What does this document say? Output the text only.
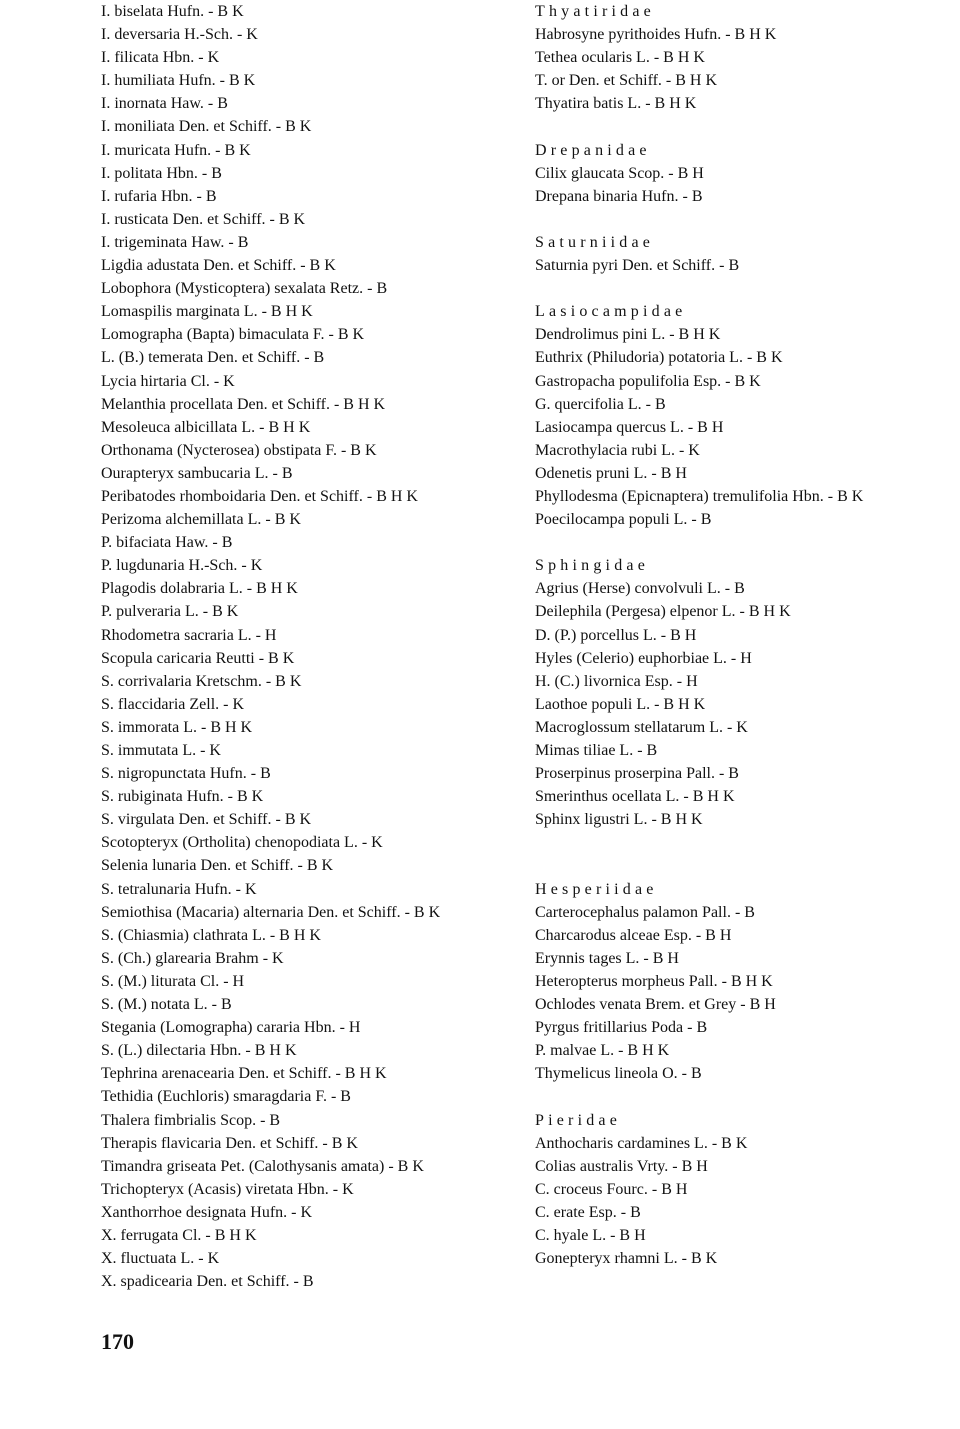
I. biselata Hufn. - B K
I. deversaria H.-Sch. - K
I. filicata Hbn. - K
I. humiliata Hufn. - B K
I. inornata Haw. - B
I. moniliata Den. et Schiff. - B K
I. muricata Hufn. - B K
I. politata Hbn. - B
I. rufaria Hbn. - B
I. rusticata Den. et Schiff. - B K
I. trigeminata Haw. - B
Ligdia adustata Den. et Schiff. - B K
Lobophora (Mysticoptera) sexalata Retz. - B
Lomaspilis marginata L. - B H K
Lomographa (Bapta) bimaculata F. - B K
L. (B.) temerata Den. et Schiff. - B
Lycia hirtaria Cl. - K
Melanthia procellata Den. et Schiff. - B H K
Mesoleuca albicillata L. - B H K
Orthonama (Nycterosea) obstipata F. - B K
Ourapteryx sambucaria L. - B
Peribatodes rhomboidaria Den. et Schiff. - B H K
Perizoma alchemillata L. - B K
P. bifaciata Haw. - B
P. lugdunaria H.-Sch. - K
Plagodis dolabraria L. - B H K
P. pulveraria L. - B K
Rhodometra sacraria L. - H
Scopula caricaria Reutti - B K
S. corrivalaria Kretschm. - B K
S. flaccidaria Zell. - K
S. immorata L. - B H K
S. immutata L. - K
S. nigropunctata Hufn. - B
S. rubiginata Hufn. - B K
S. virgulata Den. et Schiff. - B K
Scotopteryx (Ortholita) chenopodiata L. - K
Selenia lunaria Den. et Schiff. - B K
S. tetralunaria Hufn. - K
Semiothisa (Macaria) alternaria Den. et Schiff. - B K
S. (Chiasmia) clathrata L. - B H K
S. (Ch.) glarearia Brahm - K
S. (M.) liturata Cl. - H
S. (M.) notata L. - B
Stegania (Lomographa) cararia Hbn. - H
S. (L.) dilectaria Hbn. - B H K
Tephrina arenacearia Den. et Schiff. - B H K
Tethidia (Euchloris) smaragdaria F. - B
Thalera fimbrialis Scop. - B
Therapis flavicaria Den. et Schiff. - B K
Timandra griseata Pet. (Calothysanis amata) - B K
Trichopteryx (Acasis) viretata Hbn. - K
Xanthorrhoe designata Hufn. - K
X. ferrugata Cl. - B H K
X. fluctuata L. - K
X. spadicearia Den. et Schiff. - B
Thyatiridae
Habrosyne pyrithoides Hufn. - B H K
Tethea ocularis L. - B H K
T. or Den. et Schiff. - B H K
Thyatira batis L. - B H K
Drepanidae
Cilix glaucata Scop. - B H
Drepana binaria Hufn. - B
Saturniidae
Saturnia pyri Den. et Schiff. - B
Lasiocampidae
Dendrolimus pini L. - B H K
Euthrix (Philudoria) potatoria L. - B K
Gastropacha populifolia Esp. - B K
G. quercifolia L. - B
Lasiocampa quercus L. - B H
Macrothylacia rubi L. - K
Odenetis pruni L. - B H
Phyllodesma (Epicnaptera) tremulifolia Hbn. - B K
Poecilocampa populi L. - B
Sphingidae
Agrius (Herse) convolvuli L. - B
Deilephila (Pergesa) elpenor L. - B H K
D. (P.) porcellus L. - B H
Hyles (Celerio) euphorbiae L. - H
H. (C.) livornica Esp. - H
Laothoe populi L. - B H K
Macroglossum stellatarum L. - K
Mimas tiliae L. - B
Proserpinus proserpina Pall. - B
Smerinthus ocellata L. - B H K
Sphinx ligustri L. - B H K
Hesperiidae
Carterocephalus palamon Pall. - B
Charcarodus alceae Esp. - B H
Erynnis tages L. - B H
Heteropterus morpheus Pall. - B H K
Ochlodes venata Brem. et Grey - B H
Pyrgus fritillarius Poda - B
P. malvae L. - B H K
Thymelicus lineola O. - B
Pieridae
Anthocharis cardamines L. - B K
Colias australis Vrty. - B H
C. croceus Fourc. - B H
C. erate Esp. - B
C. hyale L. - B H
Gonepteryx rhamni L. - B K
170
